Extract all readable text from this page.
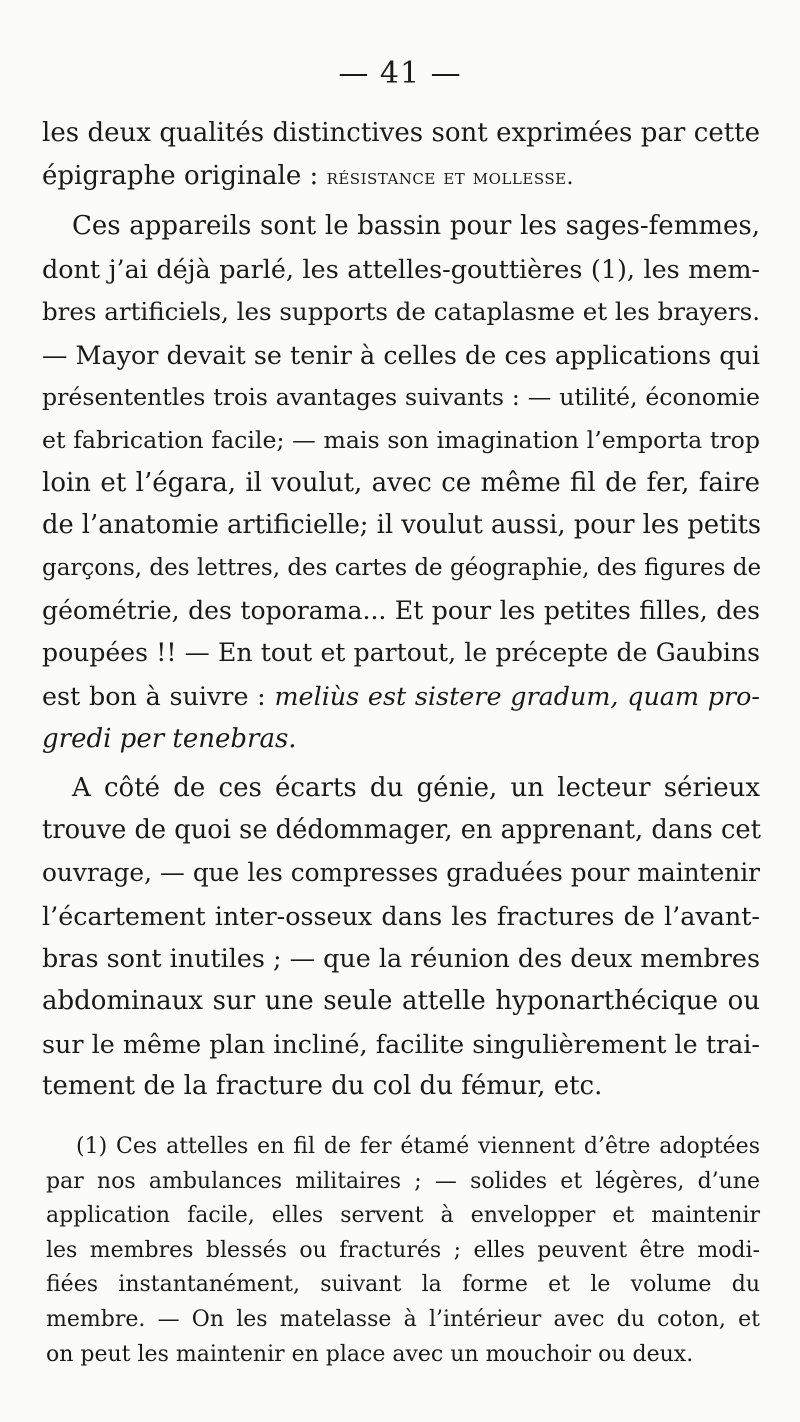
— 41 —
les deux qualités distinctives sont exprimées par cette
épigraphe originale : résistance et mollesse.
Ces appareils sont le bassin pour les sages-femmes,
dont j’ai déjà parlé, les attelles-gouttières (1), les mem-
bres artificiels, les supports de cataplasme et les brayers.
— Mayor devait se tenir à celles de ces applications qui
présententles trois avantages suivants : — utilité, économie
et fabrication facile; — mais son imagination l’emporta trop
loin et l’égara, il voulut, avec ce même fil de fer, faire
de l’anatomie artificielle; il voulut aussi, pour les petits
garçons, des lettres, des cartes de géographie, des figures de
géométrie, des toporama... Et pour les petites filles, des
poupées !! — En tout et partout, le précepte de Gaubins
est bon à suivre : meliùs est sistere gradum, quam pro-
gredi per tenebras.
A côté de ces écarts du génie, un lecteur sérieux
trouve de quoi se dédommager, en apprenant, dans cet
ouvrage, — que les compresses graduées pour maintenir
l’écartement inter-osseux dans les fractures de l’avant-
bras sont inutiles ; — que la réunion des deux membres
abdominaux sur une seule attelle hyponarthécique ou
sur le même plan incliné, facilite singulièrement le trai-
tement de la fracture du col du fémur, etc.
(1) Ces attelles en fil de fer étamé viennent d’être adoptées
par nos ambulances militaires ; — solides et légères, d’une
application facile, elles servent à envelopper et maintenir
les membres blessés ou fracturés ; elles peuvent être modi-
fiées instantanément, suivant la forme et le volume du
membre. — On les matelasse à l’intérieur avec du coton, et
on peut les maintenir en place avec un mouchoir ou deux.
